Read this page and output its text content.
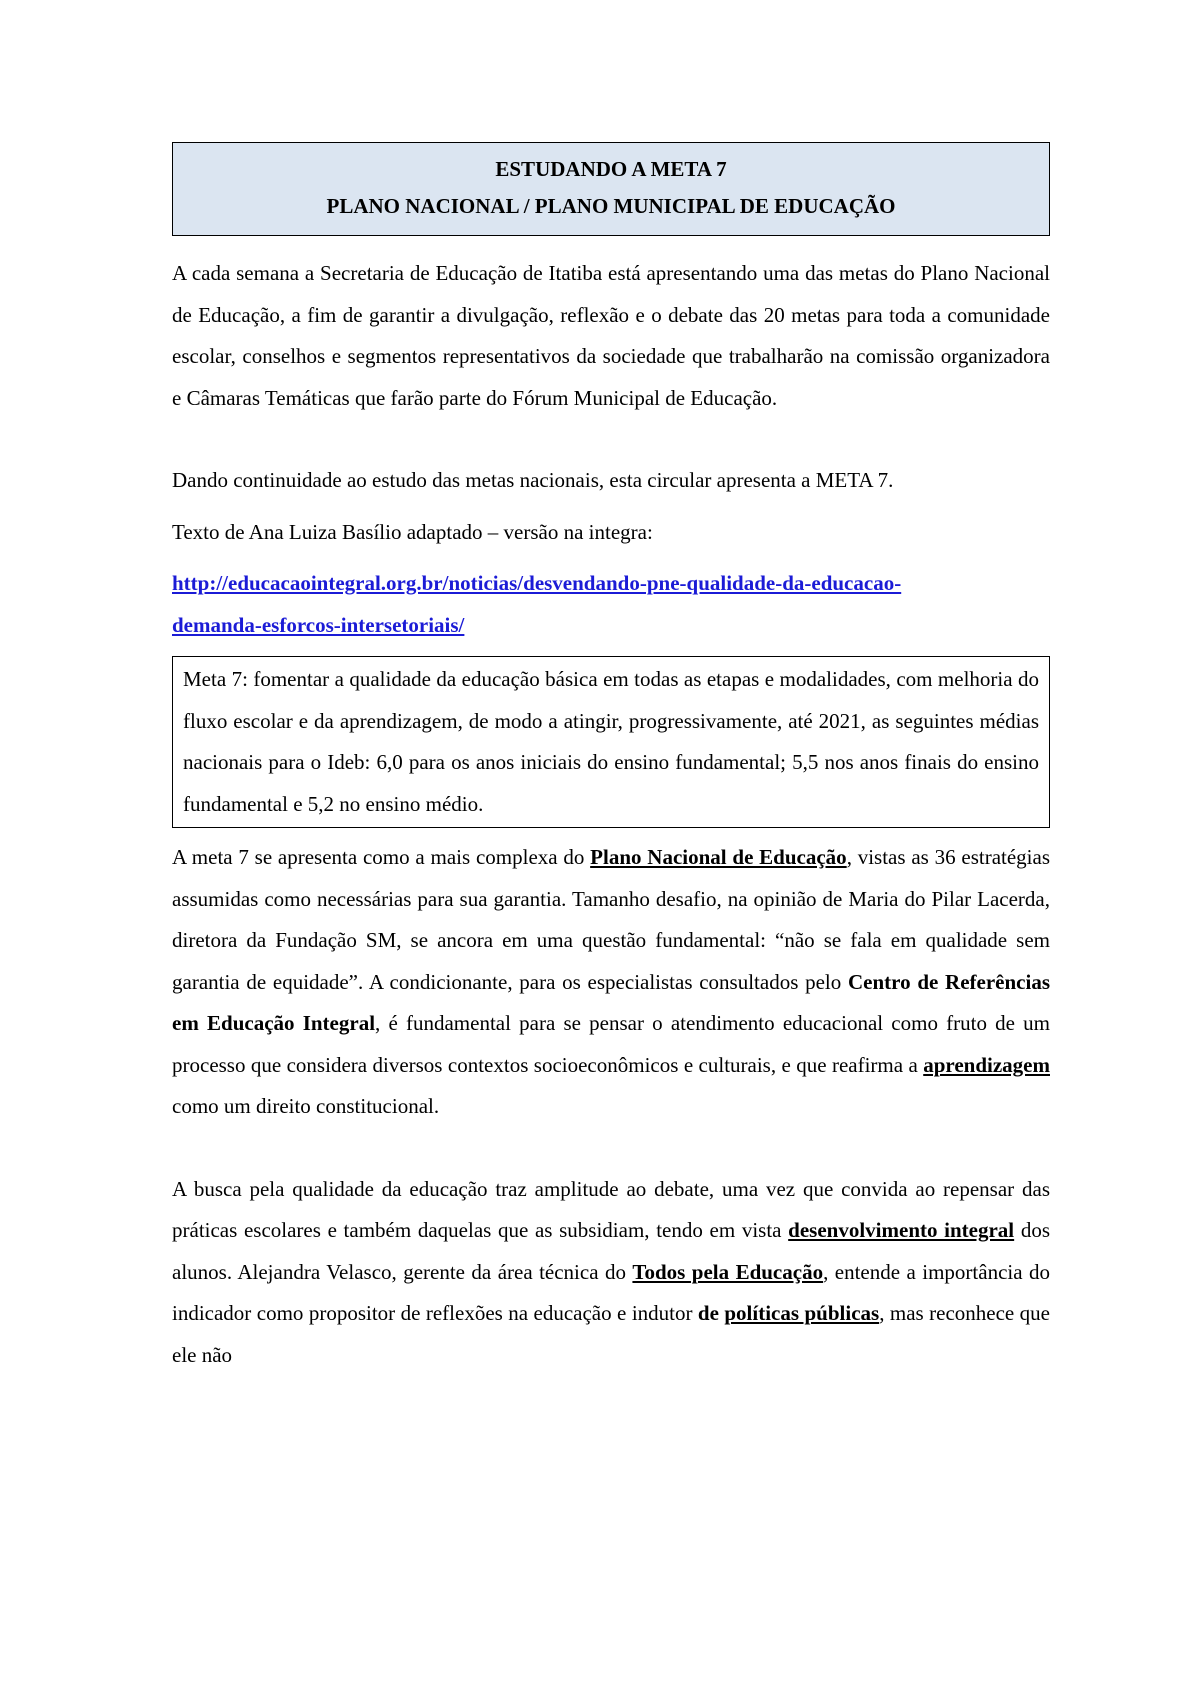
ESTUDANDO A META 7
PLANO NACIONAL / PLANO MUNICIPAL DE EDUCAÇÃO

A cada semana a Secretaria de Educação de Itatiba está apresentando uma das metas do Plano Nacional de Educação, a fim de garantir a divulgação, reflexão e o debate das 20 metas para toda a comunidade escolar, conselhos e segmentos representativos da sociedade que trabalharão na comissão organizadora e Câmaras Temáticas que farão parte do Fórum Municipal de Educação.

Dando continuidade ao estudo das metas nacionais, esta circular apresenta a META 7.

Texto de Ana Luiza Basílio adaptado – versão na integra:

http://educacaointegral.org.br/noticias/desvendando-pne-qualidade-da-educacao-
demanda-esforcos-intersetoriais/

Meta 7: fomentar a qualidade da educação básica em todas as etapas e modalidades, com melhoria do fluxo escolar e da aprendizagem, de modo a atingir, progressivamente, até 2021, as seguintes médias nacionais para o Ideb: 6,0 para os anos iniciais do ensino fundamental; 5,5 nos anos finais do ensino fundamental e 5,2 no ensino médio.

A meta 7 se apresenta como a mais complexa do Plano Nacional de Educação, vistas as 36 estratégias assumidas como necessárias para sua garantia. Tamanho desafio, na opinião de Maria do Pilar Lacerda, diretora da Fundação SM, se ancora em uma questão fundamental: “não se fala em qualidade sem garantia de equidade”. A condicionante, para os especialistas consultados pelo Centro de Referências em Educação Integral, é fundamental para se pensar o atendimento educacional como fruto de um processo que considera diversos contextos socioeconômicos e culturais, e que reafirma a aprendizagem como um direito constitucional.

A busca pela qualidade da educação traz amplitude ao debate, uma vez que convida ao repensar das práticas escolares e também daquelas que as subsidiam, tendo em vista desenvolvimento integral dos alunos. Alejandra Velasco, gerente da área técnica do Todos pela Educação, entende a importância do indicador como propositor de reflexões na educação e indutor de políticas públicas, mas reconhece que ele não
